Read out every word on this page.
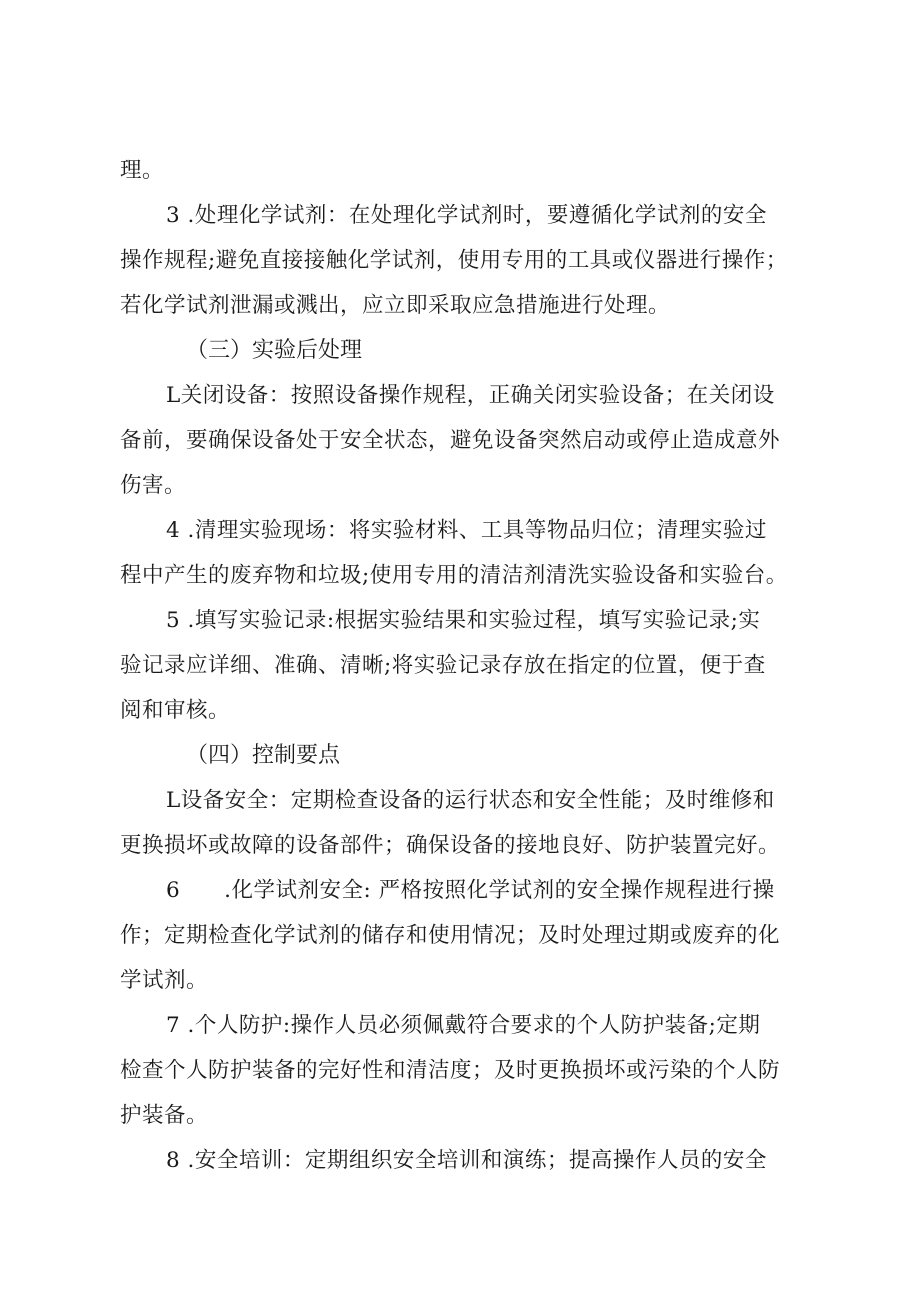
理。
3 .处理化学试剂：在处理化学试剂时，要遵循化学试剂的安全
操作规程;避免直接接触化学试剂，使用专用的工具或仪器进行操作；
若化学试剂泄漏或溅出，应立即采取应急措施进行处理。
（三）实验后处理
L关闭设备：按照设备操作规程，正确关闭实验设备；在关闭设
备前，要确保设备处于安全状态，避免设备突然启动或停止造成意外
伤害。
4 .清理实验现场：将实验材料、工具等物品归位；清理实验过
程中产生的废弃物和垃圾;使用专用的清洁剂清洗实验设备和实验台。
5 .填写实验记录:根据实验结果和实验过程，填写实验记录;实
验记录应详细、准确、清晰;将实验记录存放在指定的位置，便于查
阅和审核。
（四）控制要点
L设备安全：定期检查设备的运行状态和安全性能；及时维修和
更换损坏或故障的设备部件；确保设备的接地良好、防护装置完好。
6      .化学试剂安全: 严格按照化学试剂的安全操作规程进行操
作；定期检查化学试剂的储存和使用情况；及时处理过期或废弃的化
学试剂。
7 .个人防护:操作人员必须佩戴符合要求的个人防护装备;定期
检查个人防护装备的完好性和清洁度；及时更换损坏或污染的个人防
护装备。
8 .安全培训：定期组织安全培训和演练；提高操作人员的安全
